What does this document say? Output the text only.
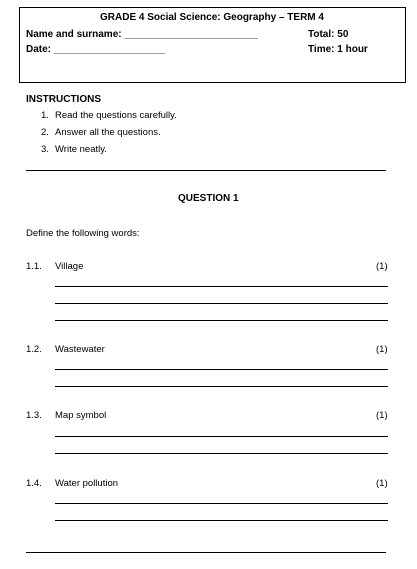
GRADE 4 Social Science: Geography – TERM 4
Name and surname: ________________________	Total: 50
Date: ____________________	Time: 1 hour
INSTRUCTIONS
1. Read the questions carefully.
2. Answer all the questions.
3. Write neatly.
QUESTION 1
Define the following words:
1.1. Village	(1)
1.2. Wastewater	(1)
1.3. Map symbol	(1)
1.4. Water pollution	(1)
